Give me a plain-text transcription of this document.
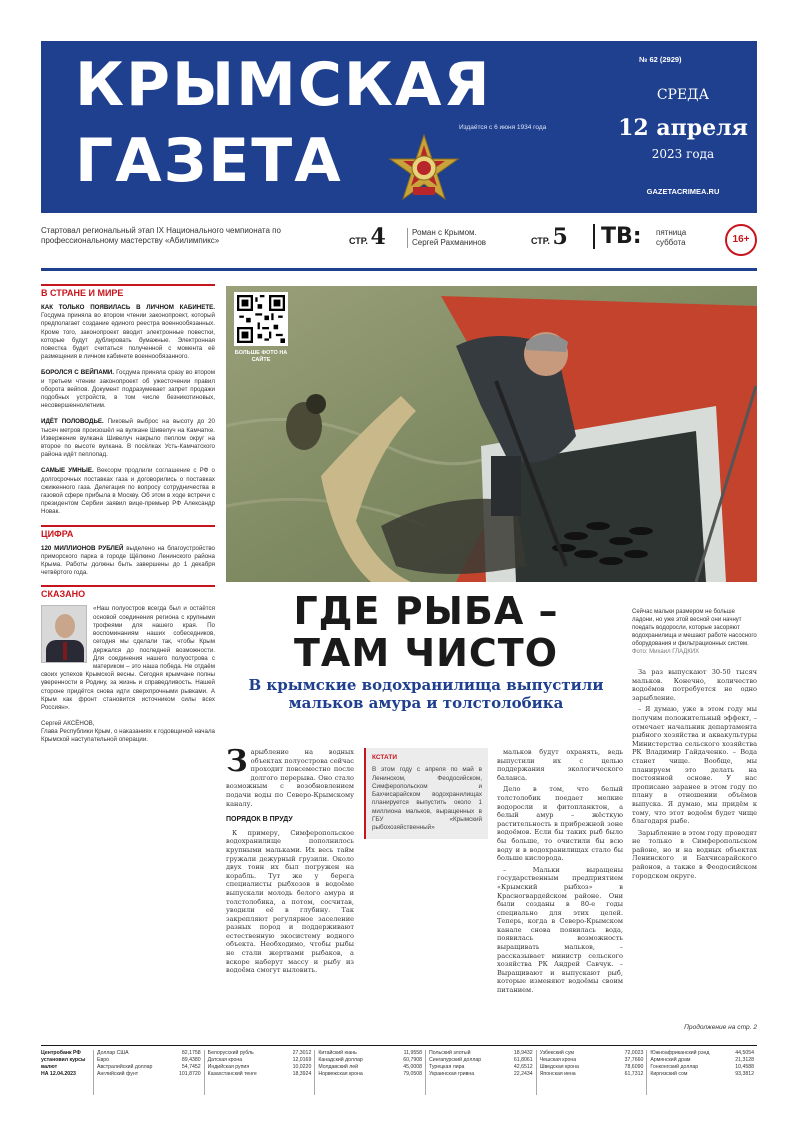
КРЫМСКАЯ
ГАЗЕТА	Издаётся с 6 июня 1934 года
№ 62 (2929)
СРЕДА
12 апреля
2023 года
GAZETACRIMEA.RU
Стартовал региональный этап IX Национального чемпионата по профессиональному мастерству «Абилимпикс»	СТР. 4	Роман с Крымом.
Сергей Рахманинов	СТР. 5	ТВ: пятница
суббота	16+
В СТРАНЕ И МИРЕ
КАК ТОЛЬКО ПОЯВИЛАСЬ В ЛИЧНОМ КАБИНЕТЕ. Госдума приняла во втором чтении законопроект, который предполагает создание единого реестра военнообязанных. Кроме того, законопроект вводит электронные повестки, которые будут дублировать бумажные. Электронная повестка будет считаться полученной с момента её размещения в личном кабинете военнообязанного.
БОРОЛСЯ С ВЕЙПАМИ. Госдума приняла сразу во втором и третьем чтении законопроект об ужесточении правил оборота вейпов. Документ подразумевает запрет продажи подобных устройств, в том числе безникотиновых, несовершеннолетним.
ИДЁТ ПОЛОВОДЬЕ. Пиковый выброс на высоту до 20 тысяч метров произошёл на вулкане Шивелуч на Камчатке. Извержение вулкана Шивелуч накрыло пеплом округ на второе по высоте вулкана. В посёлках Усть-Камчатского района идёт пеплопад.
САМЫЕ УМНЫЕ. Вексорм продлили соглашение с РФ о долгосрочных поставках газа и договорились о поставках сжиженного газа. Делегация по вопросу сотрудничества в газовой сфере прибыла в Москву. Об этом в ходе встречи с президентом Сербии заявил вице-премьер РФ Александр Новак.
ЦИФРА
120 МИЛЛИОНОВ РУБЛЕЙ выделено на благоустройство приморского парка в городе Щёлкино Ленинского района Крыма. Работы должны быть завершены до 1 декабря четвёртого года.
СКАЗАНО
«Наш полуостров всегда был и остаётся основой соединения региона с крупными трофеями для нашего края. По воспоминаниям наших собеседников, сегодня мы сделали так, чтобы Крым держался до последней возможности. Для соединения нашего полуострова с материком – это наша победа. Не отдаём своих успехов Крымской весны. Сегодня крымчане полны уверенности в Родину, за жизнь и справедливость. Нашей стороне придётся снова идти сверхпрочными рывками. А Крым как фронт становится источником силы всех Россиян».
Сергей АКСЁНОВ,
Глава Республики Крым, о наказаниях к годовщиной начала Крымской наступательной операции.
БОЛЬШЕ ФОТО НА САЙТЕ
ГДЕ РЫБА –
ТАМ ЧИСТО
В крымские водохранилища выпустили мальков амура и толстолобика
Сейчас мальки размером не больше ладони, но уже этой весной они начнут поедать водоросли, которые засоряют водохранилища и мешают работе насосного оборудования и фильтрационных систем.
Фото: Михаил ГЛАДКИХ
З арыбление на водных объектах полуострова сейчас проходит повсеместно после долгого перерыва. Оно стало возможным с возобновлением подачи воды по Северо-Крымскому каналу.
ПОРЯДОК В ПРУДУ

К примеру, Симферопольское водохранилище пополнилось крупными мальками. Их весь тайм гружали дежурный грузили. Около двух тонн их был погружен на корабль. Тут же у берега специалисты рыбхозов в водоёме выпускали молодь белого амура и толстолобика, а потом, сосчитав, уводили её в глубину. Так закрепляют регулярное заселение разных пород и поддерживают естественную экосистему водного объекта. Необходимо, чтобы рыбы не стали жертвами рыбаков, а вскоре наберут массу и рыбу из водоёма смогут выловить.

КСТАТИ
В этом году с апреля по май в Ленинском, Феодосийском, Симферопольском и Бахчисарайском водохранилищах планируется выпустить около 1 миллиона мальков, выращенных в ГБУ «Крымский рыбохозяйственный»

мальков будут охранять, ведь выпустили их с целью поддержания экологического баланса.

Дело в том, что белый толстолобик поедает мелкие водоросли и фитопланктон, а белый амур – жёсткую растительность в прибрежной зоне водоёмов. Если бы таких рыб было бы больше, то очистили бы всю воду и в водохранилищах стало бы больше кислорода.

– Мальки выращены государственным предприятием «Крымский рыбхоз» в Красногвардейском районе. Они были созданы в 80-е годы специально для этих целей. Теперь, когда в Северо-Крымском канале снова появилась вода, появилась возможность выращивать мальков, – рассказывает министр сельского хозяйства РК Андрей Савчук. – Выращивают и выпускают рыб, которые изменяют водоёмы своим питанием.

За раз выпускают 30-50 тысяч мальков. Конечно, количество водоёмов потребуется не одно зарыбление.

– Я думаю, уже в этом году мы получим положительный эффект, – отмечает начальник департамента рыбного хозяйства и аквакультуры Министерства сельского хозяйства РК Владимир Гайдаченко. – Вода станет чище. Вообще, мы планируем это делать на постоянной основе. У нас прописано заранее в этом году по плану в отношении объёмов выпуска. Я думаю, мы придём к тому, что этот водоём будет чище благодаря рыбе.

Зарыбление в этом году проводят не только в Симферопольском районе, но и на водных объектах Ленинского и Бахчисарайского районов, а также в Феодосийском городском округе.

Продолжение на стр. 2
Центробанк РФ
установил курсы валют
НА 12.04.2023
Доллар США	82,1758
Евро	89,4380
Австралийский доллар	54,7452
Английский фунт	101,8720
Белорусский рубль	27,3012
Датская крона	12,0169
Индийская рупия	10,0220
Казахстанский тенге	18,3924
Китайский юань	11,9558
Канадский доллар	60,7908
Молдавский лей	45,0008
Норвежская крона	79,0508
Польский злотый	18,9432
Сингапурский доллар	61,8061
Турецкая лира	42,6512
Украинская гривна	22,2434
Узбекский сум	72,0023
Чешская крона	37,7660
Шведская крона	78,6090
Японская иена	61,7312
Южноафриканский рэнд	44,5054
Армянский драм	21,3128
Гонконгский доллар	10,4588
Киргизский сом	93,3812
